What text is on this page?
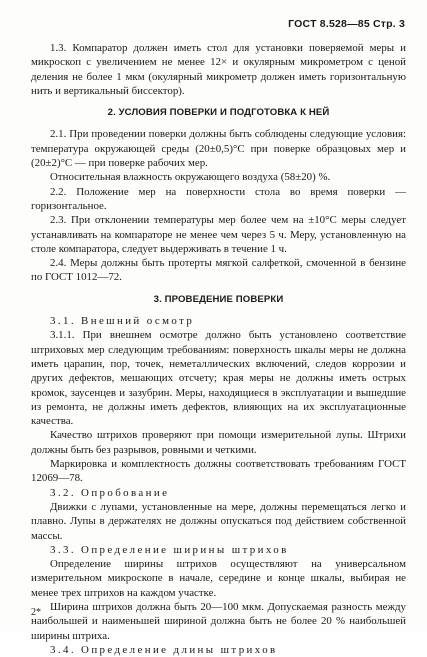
ГОСТ 8.528—85 Стр. 3

1.3. Компаратор должен иметь стол для установки поверяемой меры и микроскоп с увеличением не менее 12× и окулярным микрометром с ценой деления не более 1 мкм (окулярный микрометр должен иметь горизонтальную нить и вертикальный биссектор).

2. УСЛОВИЯ ПОВЕРКИ И ПОДГОТОВКА К НЕЙ

2.1. При проведении поверки должны быть соблюдены следующие условия: температура окружающей среды (20±0,5)°С при поверке образцовых мер и (20±2)°С — при поверке рабочих мер.

Относительная влажность окружающего воздуха (58±20) %.

2.2. Положение мер на поверхности стола во время поверки — горизонтальное.

2.3. При отклонении температуры мер более чем на ±10°С меры следует устанавливать на компараторе не менее чем через 5 ч. Меру, установленную на столе компаратора, следует выдерживать в течение 1 ч.

2.4. Меры должны быть протерты мягкой салфеткой, смоченной в бензине по ГОСТ 1012—72.

3. ПРОВЕДЕНИЕ ПОВЕРКИ

3.1. Внешний осмотр

3.1.1. При внешнем осмотре должно быть установлено соответствие штриховых мер следующим требованиям: поверхность шкалы меры не должна иметь царапин, пор, точек, неметаллических включений, следов коррозии и других дефектов, мешающих отсчету; края меры не должны иметь острых кромок, заусенцев и зазубрин. Меры, находящиеся в эксплуатации и вышедшие из ремонта, не должны иметь дефектов, влияющих на их эксплуатационные качества.

Качество штрихов проверяют при помощи измерительной лупы. Штрихи должны быть без разрывов, ровными и четкими.

Маркировка и комплектность должны соответствовать требованиям ГОСТ 12069—78.

3.2. Опробование

Движки с лупами, установленные на мере, должны перемещаться легко и плавно. Лупы в держателях не должны опускаться под действием собственной массы.

3.3. Определение ширины штрихов

Определение ширины штрихов осуществляют на универсальном измерительном микроскопе в начале, середине и конце шкалы, выбирая не менее трех штрихов на каждом участке.

Ширина штрихов должна быть 20—100 мкм. Допускаемая разность между наибольшей и наименьшей шириной должна быть не более 20 % наибольшей ширины штриха.

3.4. Определение длины штрихов

2*
